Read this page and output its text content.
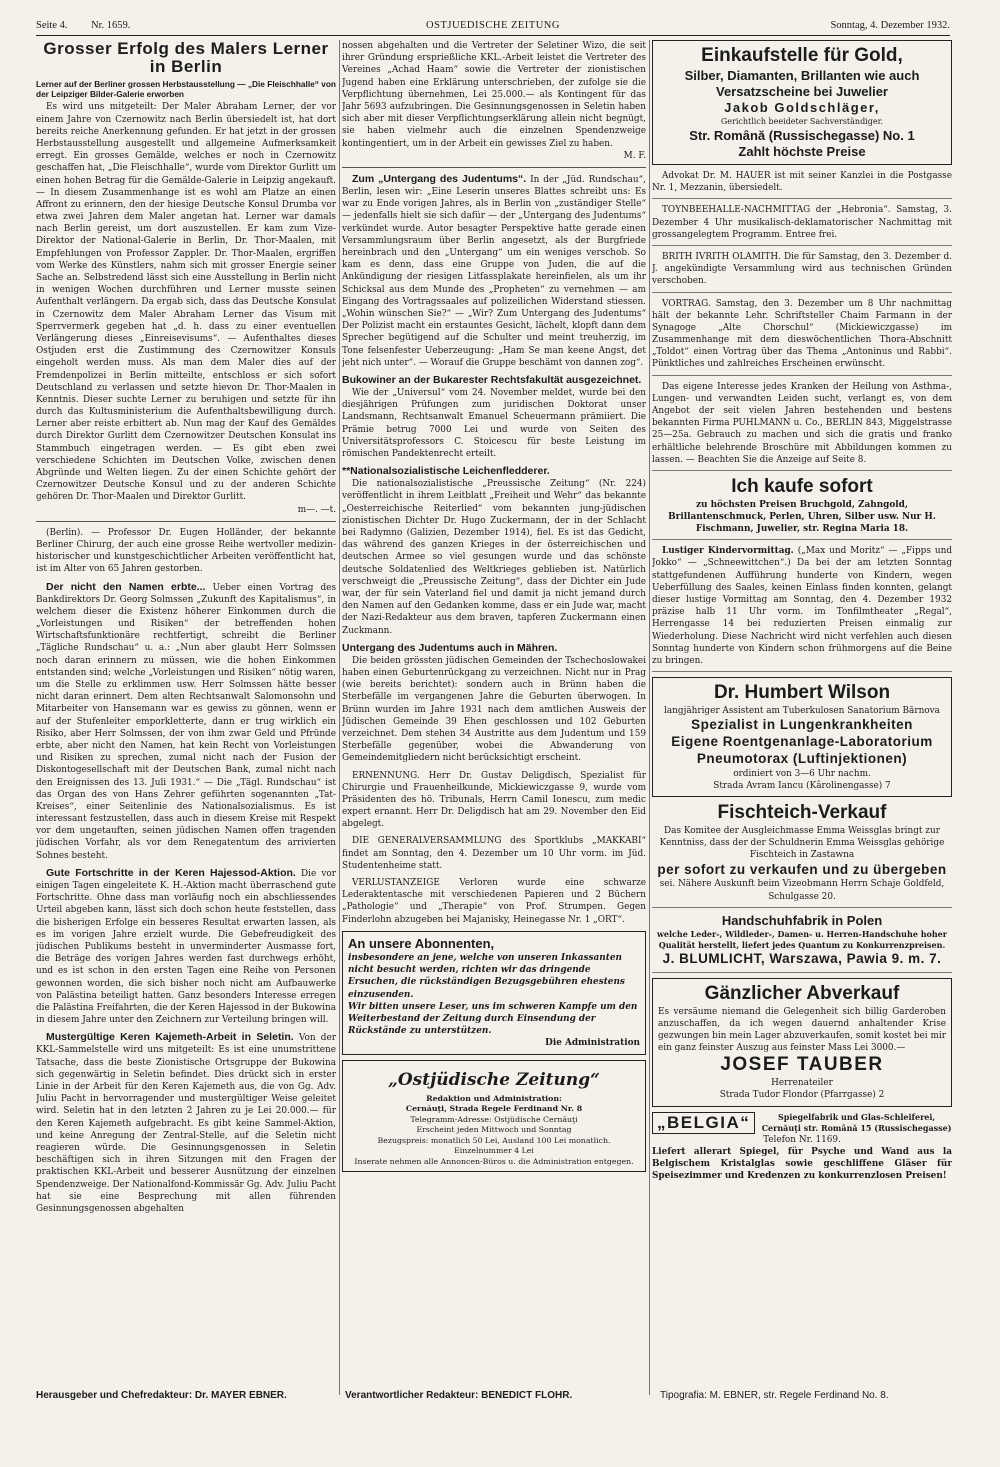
Seite 4. Nr. 1659.	OSTJUEDISCHE ZEITUNG	Sonntag, 4. Dezember 1932.
Grosser Erfolg des Malers Lerner in Berlin
Lerner auf der Berliner grossen Herbstausstellung — „Die Fleischhalle“ von der Leipziger Bilder-Galerie erworben

Es wird uns mitgeteilt: Der Maler Abraham Lerner, der vor einem Jahre von Czernowitz nach Berlin übersiedelt ist, hat dort bereits reiche Anerkennung gefunden. Er hat jetzt in der grossen Herbstausstellung ausgestellt und allgemeine Aufmerksamkeit erregt. Ein grosses Gemälde, welches er noch in Czernowitz geschaffen hat, „Die Fleischhalle“, wurde vom Direktor Gurlitt um einen hohen Betrag für die Gemälde-Galerie in Leipzig angekauft. — In diesem Zusammenhange ist es wohl am Platze an einen Affront zu erinnern, den der hiesige Deutsche Konsul Drumba vor etwa zwei Jahren dem Maler angetan hat. Lerner war damals nach Berlin gereist, um dort auszustellen. Er kam zum Vize-Direktor der National-Galerie in Berlin, Dr. Thor-Maalen, mit Empfehlungen von Professor Zappler. Dr. Thor-Maalen, ergriffen vom Werke des Künstlers, nahm sich mit grosser Energie seiner Sache an. Selbstredend lässt sich eine Ausstellung in Berlin nicht in wenigen Wochen durchführen und Lerner musste seinen Aufenthalt verlängern. Da ergab sich, dass das Deutsche Konsulat in Czernowitz dem Maler Abraham Lerner das Visum mit Sperrvermerk gegeben hat „d. h. dass zu einer eventuellen Verlängerung dieses „Einreisevisums“. — Aufenthaltes dieses Ostjuden erst die Zustimmung des Czernowitzer Konsuls eingeholt werden muss. Als man dem Maler dies auf der Fremdenpolizei in Berlin mitteilte, entschloss er sich sofort Deutschland zu verlassen und setzte hievon Dr. Thor-Maalen in Kenntnis. Dieser suchte Lerner zu beruhigen und setzte für ihn durch das Kultusministerium die Aufenthaltsbewilligung durch. Lerner aber reiste erbittert ab. Nun mag der Kauf des Gemäldes durch Direktor Gurlitt dem Czernowitzer Deutschen Konsulat ins Stammbuch eingetragen werden. — Es gibt eben zwei verschiedene Schichten im Deutschen Volke, zwischen denen Abgründe und Welten liegen. Zu der einen Schichte gehört der Czernowitzer Deutsche Konsul und zu der anderen Schichte gehören Dr. Thor-Maalen und Direktor Gurlitt.

m—. —t.

(Berlin). — Professor Dr. Eugen Holländer, der bekannte Berliner Chirurg, der auch eine grosse Reihe wertvoller medizin-historischer und kunstgeschichtlicher Arbeiten veröffentlicht hat, ist im Alter von 65 Jahren gestorben.

Der nicht den Namen erbte... Ueber einen Vortrag des Bankdirektors Dr. Georg Solmssen „Zukunft des Kapitalismus“, in welchem dieser die Existenz höherer Einkommen durch die „Vorleistungen und Risiken“ der betreffenden hohen Wirtschaftsfunktionäre rechtfertigt, schreibt die Berliner „Tägliche Rundschau“ u. a.: „Nun aber glaubt Herr Solmssen noch daran erinnern zu müssen, wie die hohen Einkommen entstanden sind; welche „Vorleistungen und Risiken“ nötig waren, um die Stelle zu erklimmen usw. Herr Solmssen hätte besser nicht daran erinnert. Dem alten Rechtsanwalt Salomonsohn und Mitarbeiter von Hansemann war es gewiss zu gönnen, wenn er auf der Stufenleiter emporkletterte, dann er trug wirklich ein Risiko, aber Herr Solmssen, der von ihm zwar Geld und Pfründe erbte, aber nicht den Namen, hat kein Recht von Vorleistungen und Risiken zu sprechen, zumal nicht nach der Fusion der Diskontogesellschaft mit der Deutschen Bank, zumal nicht nach den Ereignissen des 13. Juli 1931.“ — Die „Tägl. Rundschau“ ist das Organ des von Hans Zehrer geführten sogenannten „Tat-Kreises“, einer Seitenlinie des Nationalsozialismus. Es ist interessant festzustellen, dass auch in diesem Kreise mit Respekt vor dem ungetauften, seinen jüdischen Namen offen tragenden jüdischen Vorfahr, als vor dem Renegatentum des arrivierten Sohnes besteht.

Gute Fortschritte in der Keren Hajessod-Aktion. Die vor einigen Tagen eingeleitete K. H.-Aktion macht überraschend gute Fortschritte. Ohne dass man vorläufig noch ein abschliessendes Urteil abgeben kann, lässt sich doch schon heute feststellen, dass die bisherigen Erfolge ein besseres Resultat erwarten lassen, als es im vorigen Jahre erzielt wurde. Die Gebefreudigkeit des jüdischen Publikums besteht in unverminderter Ausmasse fort, die Beträge des vorigen Jahres werden fast durchwegs erhöht, und es ist schon in den ersten Tagen eine Reihe von Personen gewonnen worden, die sich bisher noch nicht am Aufbauwerke von Palästina beteiligt hatten. Ganz besonders Interesse erregen die Palästina Freifahrten, die der Keren Hajessod in der Bukowina in diesem Jahre unter den Zeichnern zur Verteilung bringen will.

Mustergültige Keren Kajemeth-Arbeit in Seletin. Von der KKL-Sammelstelle wird uns mitgeteilt: Es ist eine unumstrittene Tatsache, dass die beste Zionistische Ortsgruppe der Bukowina sich gegenwärtig in Seletin befindet. Dies drückt sich in erster Linie in der Arbeit für den Keren Kajemeth aus, die von Gg. Adv. Juliu Pacht in hervorragender und mustergültiger Weise geleitet wird. Seletin hat in den letzten 2 Jahren zu je Lei 20.000.— für den Keren Kajemeth aufgebracht. Es gibt keine Sammel-Aktion, und keine Anregung der Zentral-Stelle, auf die Seletin nicht reagieren würde. Die Gesinnungsgenossen in Seletin beschäftigen sich in ihren Sitzungen mit den Fragen der praktischen KKL-Arbeit und besserer Ausnützung der einzelnen Spendenzweige. Der Nationalfond-Kommissär Gg. Adv. Juliu Pacht hat sie eine Besprechung mit allen führenden Gesinnungsgenossen abgehalten

nossen abgehalten und die Vertreter der Seletiner Wizo, die seit ihrer Gründung ersprießliche KKL.-Arbeit leistet die Vertreter des Vereines „Achad Haam“ sowie die Vertreter der zionistischen Jugend haben eine Erklärung unterschrieben, der zufolge sie die Verpflichtung übernehmen, Lei 25.000.— als Kontingent für das Jahr 5693 aufzubringen. Die Gesinnungsgenossen in Seletin haben sich aber mit dieser Verpflichtungserklärung allein nicht begnügt, sie haben vielmehr auch die einzelnen Spendenzweige kontingentiert, um in der Arbeit ein gewisses Ziel zu haben.

M. F.

Zum „Untergang des Judentums“. In der „Jüd. Rundschau“, Berlin, lesen wir: „Eine Leserin unseres Blattes schreibt uns: Es war zu Ende vorigen Jahres, als in Berlin von „zuständiger Stelle“ — jedenfalls hielt sie sich dafür — der „Untergang des Judentums“ verkündet wurde. Autor besagter Perspektive hatte gerade einen Versammlungsraum über Berlin angesetzt, als der Burgfriede hereinbrach und den „Untergang“ um ein weniges verschob. So kam es denn, dass eine Gruppe von Juden, die auf die Ankündigung der riesigen Litfassplakate hereinfielen, als um ihr Schicksal aus dem Munde des „Propheten“ zu vernehmen — am Eingang des Vortragssaales auf polizeilichen Widerstand stiessen. „Wohin wünschen Sie?“ — „Wir? Zum Untergang des Judentums“ Der Polizist macht ein erstauntes Gesicht, lächelt, klopft dann dem Sprecher begütigend auf die Schulter und meint treuherzig, im Tone felsenfester Ueberzeugung: „Ham Se man keene Angst, det jeht nich unter“. — Worauf die Gruppe beschämt von dannen zog“.

Bukowiner an der Bukarester Rechtsfakultät ausgezeichnet.

Wie der „Universul“ vom 24. November meldet, wurde bei den diesjährigen Prüfungen zum juridischen Doktorat unser Landsmann, Rechtsanwalt Emanuel Scheuermann prämiiert. Die Prämie betrug 7000 Lei und wurde von Seiten des Universitätsprofessors C. Stoicescu für beste Leistung im römischen Pandektenrecht erteilt.

**Nationalsozialistische Leichenfledderer.

Die nationalsozialistische „Preussische Zeitung“ (Nr. 224) veröffentlicht in ihrem Leitblatt „Freiheit und Wehr“ das bekannte „Oesterreichische Reiterlied“ vom bekannten jung-jüdischen zionistischen Dichter Dr. Hugo Zuckermann, der in der Schlacht bei Radymno (Galizien, Dezember 1914), fiel. Es ist das Gedicht, das während des ganzen Krieges in der österreichischen und deutschen Armee so viel gesungen wurde und das schönste deutsche Soldatenlied des Weltkrieges geblieben ist. Natürlich verschweigt die „Preussische Zeitung“, dass der Dichter ein Jude war, der für sein Vaterland fiel und damit ja nicht jemand durch den Namen auf den Gedanken komme, dass er ein Jude war, macht der Nazi-Redakteur aus dem braven, tapferen Zuckermann einen Zuckmann.

Untergang des Judentums auch in Mähren.

Die beiden grössten jüdischen Gemeinden der Tschechoslowakei haben einen Geburtenrückgang zu verzeichnen. Nicht nur in Prag (wie bereits berichtet): sondern auch in Brünn haben die Sterbefälle im vergangenen Jahre die Geburten überwogen. In Brünn wurden im Jahre 1931 nach dem amtlichen Ausweis der Jüdischen Gemeinde 39 Ehen geschlossen und 102 Geburten verzeichnet. Dem stehen 34 Austritte aus dem Judentum und 159 Sterbefälle gegenüber, wobei die Abwanderung von Gemeindemitgliedern nicht berücksichtigt erscheint.

ERNENNUNG. Herr Dr. Gustav Deligdisch, Spezialist für Chirurgie und Frauenheilkunde, Mickiewiczgasse 9, wurde vom Präsidenten des hö. Tribunals, Herrn Camil Ionescu, zum medic expert ernannt. Herr Dr. Deligdisch hat am 29. November den Eid abgelegt.

DIE GENERALVERSAMMLUNG des Sportklubs „MAKKABI“ findet am Sonntag, den 4. Dezember um 10 Uhr vorm. im Jüd. Studentenheime statt.

VERLUSTANZEIGE Verloren wurde eine schwarze Lederaktentasche mit verschiedenen Papieren und 2 Büchern „Pathologie“ und „Therapie“ von Prof. Strumpen. Gegen Finderlohn abzugeben bei Majanisky, Heinegasse Nr. 1 „ORT“.

An unsere Abonnenten,

insbesondere an jene, welche von unseren Inkassanten nicht besucht werden, richten wir das dringende Ersuchen, die rückständigen Bezugsgebühren ehestens einzusenden.

Wir bitten unsere Leser, uns im schweren Kampfe um den Weiterbestand der Zeitung durch Einsendung der Rückstände zu unterstützen.

Die Administration

„Ostjüdische Zeitung“

Redaktion und Administration:

Cernăuţi, Strada Regele Ferdinand Nr. 8

Telegramm-Adresse: Ostjüdische Cernăuţi

Erscheint jeden Mittwoch und Sonntag

Bezugspreis: monatlich 50 Lei, Ausland 100 Lei monatlich. Einzelnummer 4 Lei

Inserate nehmen alle Annoncen-Büros u. die Administration entgegen.

Einkaufstelle für Gold,
Silber, Diamanten, Brillanten wie auch Versatzscheine bei Juwelier
Jakob Goldschläger,
Gerichtlich beeideter Sachverständiger.
Str. Română (Russischegasse) No. 1
Zahlt höchste Preise

Advokat Dr. M. HAUER ist mit seiner Kanzlei in die Postgasse Nr. 1, Mezzanin, übersiedelt.

TOYNBEEHALLE-NACHMITTAG der „Hebronia“. Samstag, 3. Dezember 4 Uhr musikalisch-deklamatorischer Nachmittag mit grossangelegtem Programm. Entree frei.

BRITH IVRITH OLAMITH. Die für Samstag, den 3. Dezember d. J. angekündigte Versammlung wird aus technischen Gründen verschoben.

VORTRAG. Samstag, den 3. Dezember um 8 Uhr nachmittag hält der bekannte Lehr. Schriftsteller Chaim Farmann in der Synagoge „Alte Chorschul“ (Mickiewiczgasse) im Zusammenhange mit dem dieswöchentlichen Thora-Abschnitt „Toldot“ einen Vortrag über das Thema „Antoninus und Rabbi“. Pünktliches und zahlreiches Erscheinen erwünscht.

Das eigene Interesse jedes Kranken der Heilung von Asthma-, Lungen- und verwandten Leiden sucht, verlangt es, von dem Angebot der seit vielen Jahren bestehenden und bestens bekannten Firma PUHLMANN u. Co., BERLIN 843, Miggelstrasse 25—25a. Gebrauch zu machen und sich die gratis und franko erhältliche belehrende Broschüre mit Abbildungen kommen zu lassen. — Beachten Sie die Anzeige auf Seite 8.

Ich kaufe sofort

zu höchsten Preisen Bruchgold, Zahngold, Brillantenschmuck, Perlen, Uhren, Silber usw. Nur H. Fischmann, Juwelier, str. Regina Maria 18.

Lustiger Kindervormittag. („Max und Moritz“ — „Fipps und Jokko“ — „Schneewittchen“.) Da bei der am letzten Sonntag stattgefundenen Aufführung hunderte von Kindern, wegen Ueberfüllung des Saales, keinen Einlass finden konnten, gelangt dieser lustige Vormittag am Sonntag, den 4. Dezember 1932 präzise halb 11 Uhr vorm. im Tonfilmtheater „Regal“, Herrengasse 14 bei reduzierten Preisen einmalig zur Wiederholung. Diese Nachricht wird nicht verfehlen auch diesen Sonntag hunderte von Kindern schon frühmorgens auf die Beine zu bringen.

Dr. Humbert Wilson
langjähriger Assistent am Tuberkulosen Sanatorium Bărnova
Spezialist in Lungenkrankheiten
Eigene Roentgenanlage-Laboratorium
Pneumotorax (Luftinjektionen)
ordiniert von 3—6 Uhr nachm.
Strada Avram Iancu (Kârolinengasse) 7
Fischteich-Verkauf

Das Komitee der Ausgleichmasse Emma Weissglas bringt zur Kenntniss, dass der der Schuldnerin Emma Weissglas gehörige Fischteich in Zastawna

per sofort zu verkaufen und zu übergeben

sei. Nähere Auskunft beim Vizeobmann Herrn Schaje Goldfeld, Schulgasse 20.

Handschuhfabrik in Polen

welche Leder-, Wildleder-, Damen- u. Herren-Handschuhe hoher Qualität herstellt, liefert jedes Quantum zu Konkurrenzpreisen.

J. BLUMLICHT, Warszawa, Pawia 9. m. 7.
Gänzlicher Abverkauf

Es versäume niemand die Gelegenheit sich billig Garderoben anzuschaffen, da ich wegen dauernd anhaltender Krise gezwungen bin mein Lager abzuverkaufen, somit kostet bei mir ein ganz feinster Auszug aus feinster Mass Lei 3000.—

JOSEF TAUBER
Herrenateiler
Strada Tudor Flondor (Pfarrgasse) 2
„BELGIA“	Spiegelfabrik und Glas-Schleiferei, Cernăuţi str. Română 15 (Russischegasse)
Telefon Nr. 1169.

Liefert allerart Spiegel, für Psyche und Wand aus la Belgischem Kristalglas sowie geschliffene Gläser für Speisezimmer und Kredenzen zu konkurrenzlosen Preisen!

Herausgeber und Chefredakteur: Dr. MAYER EBNER.	Verantwortlicher Redakteur: BENEDICT FLOHR.	Tipografia: M. EBNER, str. Regele Ferdinand No. 8.
